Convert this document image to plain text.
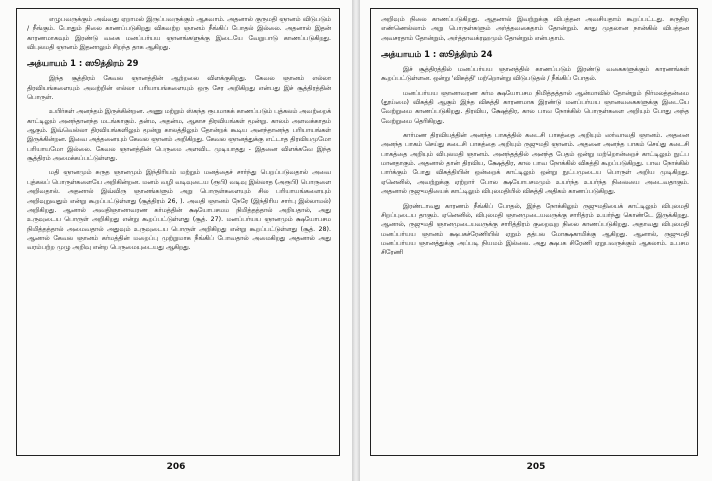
எழுபவருக்கும் அவ்வது ஏறாமல் இருப்பவருக்கும் ஆகவாம். அதனால் குருமதி ஞானம் விடுபடும் / நீங்கும். போதும் நிலை காணப்படுகிறது விகவற்ற ஞானம் நீங்கிப் போதல் இல்லை. அதனால் இதன் காரணமாகவும் இரண்டு வகை மனப்பர்யய ஞானங்களுக்கு இடையே வேறுபாடு காணப்படுகிறது. விபுலமதி ஞானம் இதனாலும் சிறந்த தாக ஆகிறது.

அத்யாயம் 1 : ஸூத்திரம் 29

இந்த சூத்திரம் கேவல ஞானத்தின் ஆற்றலை விளக்குகிறது. கேவல ஞானம் எல்லா திரவியங்களையும் அவற்றின் எல்லா பரியாயங்களையும் ஒரு சேர அறிகிறது என்பது இச் சூத்திரத்தின் பொருள்.

உயிர்கள் அனந்தம் இருக்கின்றன. அணு மற்றும் ஸ்கந்த ரூபமாகக் காணப்படும் புத்கலம் அவற்றைக் காட்டிலும் அனந்தானந்த மடங்காகும். தன்ம, அதன்ம, ஆகாச திரவியங்கள் மூன்று. காலம் அளவக்காதம் ஆகும். இவ்வெல்லா திரவியங்களிலும் மூன்று காலத்திலும் தோன்றக் கூடிய அனந்தானந்த பரியாயங்கள் இருக்கின்றன. இவை அத்தனையும் கேவல ஞானம் அறிகிறது. கேவல ஞானத்துக்கு எட்டாத திரவியமுமோ பரியாயமோ இல்லை. கேவல ஞானத்தின் பெருமை அளவிட முடியாதது - இதனை விளக்கவே இந்த சூத்திரம் அமைக்கப்பட்டுள்ளது.

மதி ஞானமும் சுருத ஞானமும் இந்திரியம் மற்றும் மனத்தைச் சார்ந்து பெறப்படுவதால் அவை புத்கலப் பொருள்களையே அறிகின்றன. மனம் வழி வடிவுடைய (ரூபி) வடிவு இல்லாத (அரூபி) பொருளை அறிவதால். அதனால் இவ்விரு ஞானங்களும் அறு பொருள்களையும் சில பரியாயங்களையும் அறிவுறுவதும் என்று கூறப்பட்டுள்ளது (சூத்திரம் 26, ). அவதி ஞானம் நேரே (இந்திரிய சார்பு இல்லாமல்) அறிகிறது. ஆனால் அவதிஞானாவரண கர்மத்தின் க்ஷயோபசமம நிமித்தத்தால் அறியதால், அது உருவுடைய பொருள் அறிகிறது என்று கூறப்பட்டுள்ளது (சூத். 27). மனப்பர்யய ஞானமும் க்ஷயோபசம நிமித்தத்தால் அமைவதால் அதுவும் உருவுடைய பொருள் அறிகிறது என்று கூறப்பட்டுள்ளது (சூத். 28). ஆனால் கேவல ஞானம் கர்மத்தின் மறைப்பு முற்றுமாக நீங்கிப் போவதால் அமைகிறது அதனால் அது வரம்பற்ற முழு அறிவு என்ற பெருமையுடையது ஆகிறது.

206

அறிவும் நிலை காணப்படுகிறது. ஆதனால் இவற்றுக்கு விபத்தன அவசியதாம் கூறப்பட்டது. சுருதிற எண்ணெல்லாம் அறு பொருள்களும் அர்த்தவகைதாம் தோன்றும். காது முதலான நான்கில் விபத்தன அவசரதாம் தோன்றும், அர்த்தாவக்ரஹமும் தோன்றும் என்பதாம்.

அத்யாயம் 1 : ஸூத்திரம் 24

இச் சூத்திரத்தில் மனப்பர்யய ஞானத்தில் காணப்படும் இரண்டு வகைகளுக்கும் காரணங்கள் கூறப்பட்டுள்ளன. ஒன்று 'விசுத்தி' மற்றொன்று விடுபடுதல் / நீங்கிப் போதல்.

மனப்பர்யய ஞானாவரண கர்ம க்ஷயோபசம நிமித்தத்தால் ஆன்மாவில் தோன்றும் நிர்மலத்தன்மை (தூய்மை) விசுத்தி ஆகும் இந்த விசுத்தி காரணமாக இரண்டு மனப்பர்யய ஞானவகைகளுக்கு இடையே வேற்றுமை காணப்படுகிறது. திரவிய, க்ஷேத்திர, கால பாவ நோக்கில் பொருள்களை அறியும் போது அந்த வேற்றுமை தெரிகிறது.

கார்மண திரவியத்தின் அனந்த பாகத்தில் கடைசி பாகத்தை அறியும் ஸர்வாவதி ஞானம். அதனை அனந்த பாகம் செய்து கடைசி பாகத்தை அறியும் ருஜுமதி ஞானம். அதனை அனந்த பாகம் செய்து கடைசி பாகத்தை அறியும் விபுலமதி ஞானம். அனந்தத்தில் அனந்த பேதம் ஒன்று மற்றொன்றைச் காட்டிலும் நுட்ப மானதாகும். அதனால் தான் திரவிய, க்ஷேத்திர, கால பாவ நோக்கில் விசுத்தி கூறப்படுகிறது. பாவ நோக்கில் பார்க்கும் போது விசுத்தியின் ஒன்றைக் காட்டிலும் ஒன்று நுட்பமுடைய பொருள் அறிய முடிகிறது. ஏனெனில், அவற்றுக்கு ஏற்றார் போல க்ஷயோபசமமும் உயர்ந்த உயர்ந்த நிலையை அடைவதாகும். அதனால் ருஜுமதியைக் காட்டிலும் விபுலமதியில் விசுத்தி அதிகம் காணப்படுகிறது.

இரண்டாவது காரணம் நீங்கிப் போதல், இந்த நோக்கிலும் ருஜுமதியைக் காட்டிலும் விபுலமதி சிறப்புடைய தாகும். ஏனெனில், விபுலமதி ஞானமுடையவருக்கு சாரித்ரம் உயர்ந்து கொண்டே இருக்கிறது. ஆனால், ருஜுமதி ஞானமுடையவருக்கு சாரித்திரம் குறைவுற நிலை காணப்படுகிறது. அதாவது விபுலமதி மனப்பர்யய ஞானம் க்ஷபகச்ரேணியில் ஏறும் தத்பல மோக்ஷகாமிக்கு ஆகிறது. ஆனால், ருஜுமதி மனப்பர்யய ஞானத்துக்கு அப்படி நியமம் இல்லை. அது க்ஷபக சிரேணி ஏறுபவருக்கும் ஆகலாம். உபசம சிரேணி

205
